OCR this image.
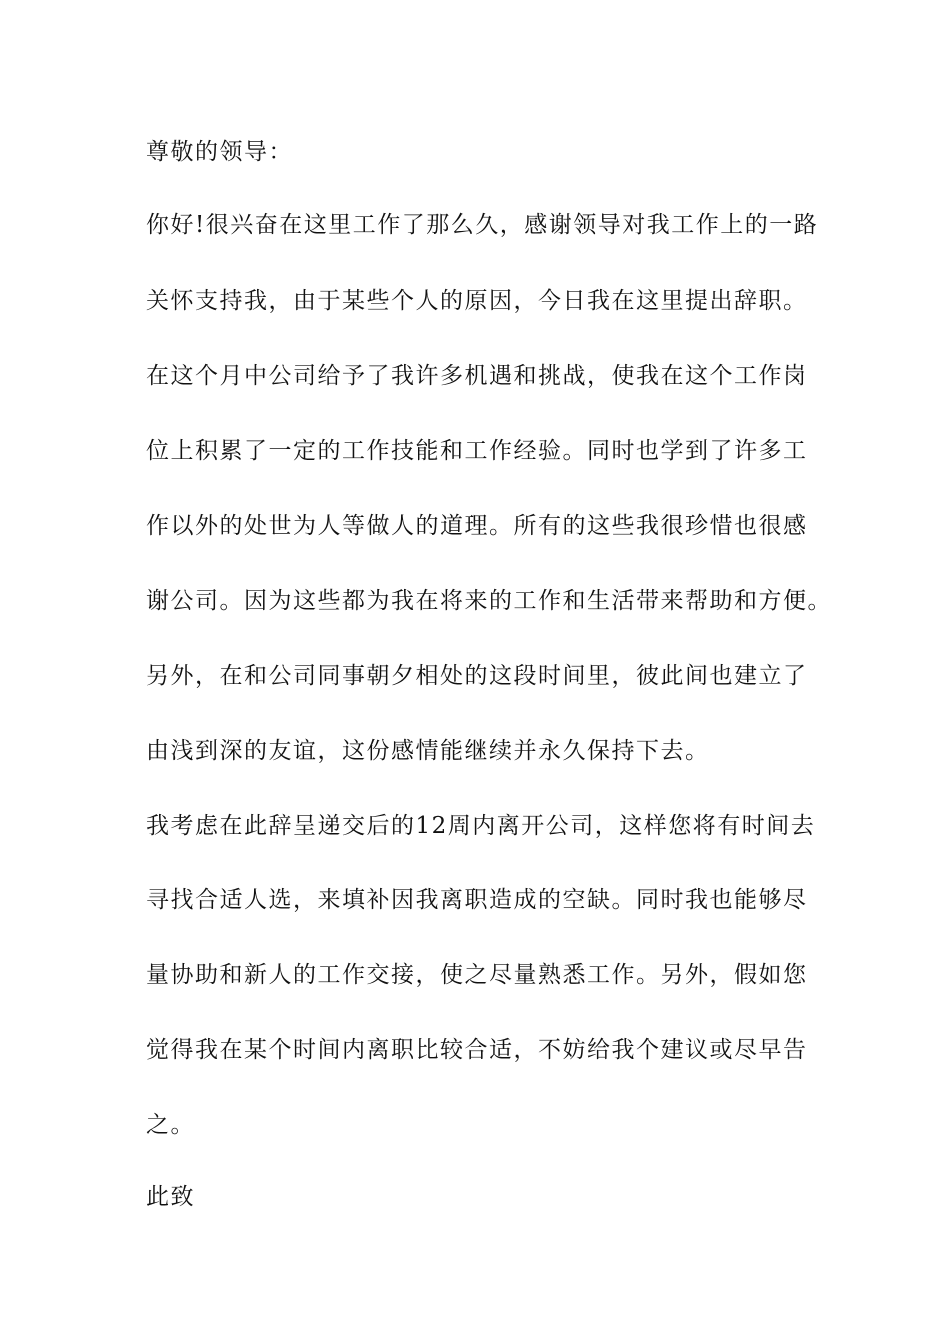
尊敬的领导：

你好!很兴奋在这里工作了那么久，感谢领导对我工作上的一路

关怀支持我，由于某些个人的原因，今日我在这里提出辞职。

在这个月中公司给予了我许多机遇和挑战，使我在这个工作岗

位上积累了一定的工作技能和工作经验。同时也学到了许多工

作以外的处世为人等做人的道理。所有的这些我很珍惜也很感

谢公司。因为这些都为我在将来的工作和生活带来帮助和方便。

另外，在和公司同事朝夕相处的这段时间里，彼此间也建立了

由浅到深的友谊，这份感情能继续并永久保持下去。

我考虑在此辞呈递交后的12周内离开公司，这样您将有时间去

寻找合适人选，来填补因我离职造成的空缺。同时我也能够尽

量协助和新人的工作交接，使之尽量熟悉工作。另外，假如您

觉得我在某个时间内离职比较合适，不妨给我个建议或尽早告

之。

此致
